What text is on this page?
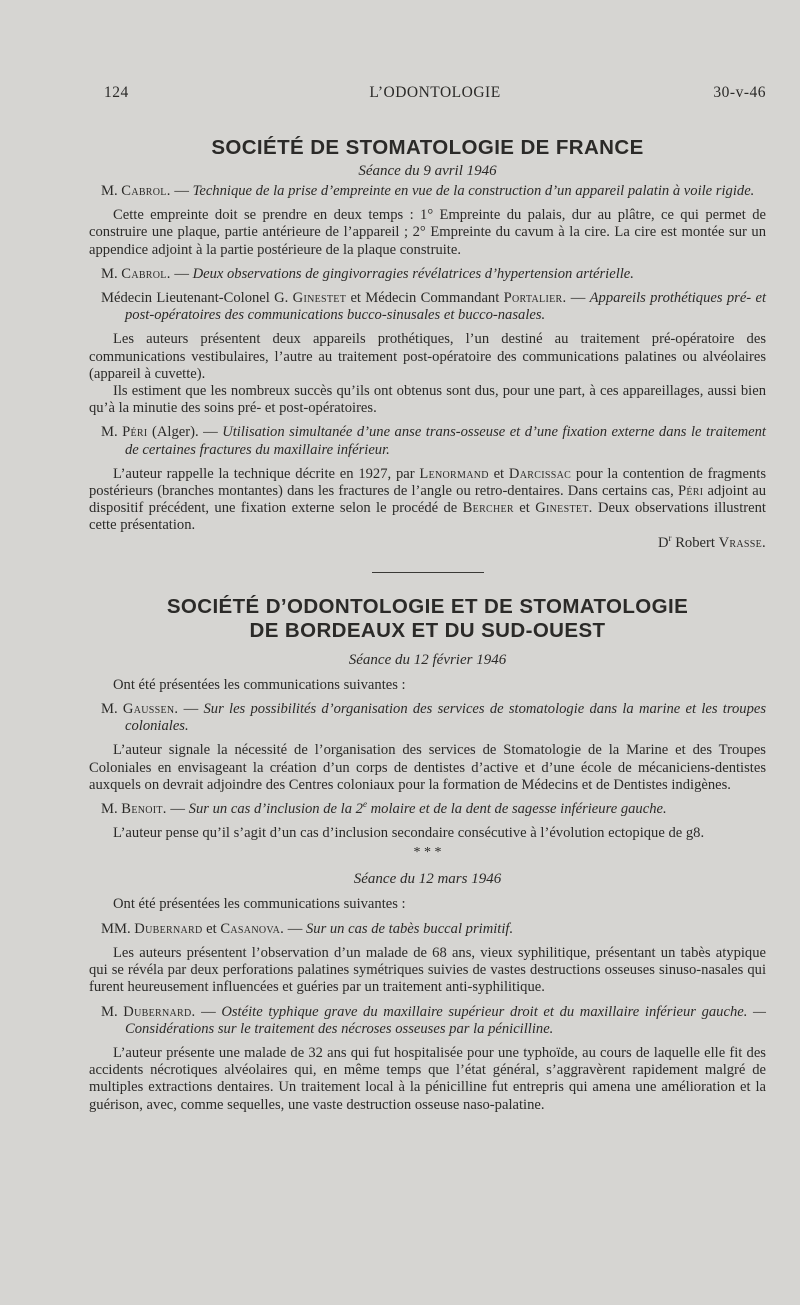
124	L’ODONTOLOGIE	30-v-46
SOCIÉTÉ DE STOMATOLOGIE DE FRANCE
Séance du 9 avril 1946

M. Cabrol. — Technique de la prise d’empreinte en vue de la construction d’un appareil palatin à voile rigide.

Cette empreinte doit se prendre en deux temps : 1° Empreinte du palais, dur au plâtre, ce qui permet de construire une plaque, partie antérieure de l’appareil ; 2° Empreinte du cavum à la cire. La cire est montée sur un appendice adjoint à la partie postérieure de la plaque construite.

M. Cabrol. — Deux observations de gingivorragies révélatrices d’hypertension artérielle.

Médecin Lieutenant-Colonel G. Ginestet et Médecin Commandant Portalier. — Appareils prothétiques pré- et post-opératoires des communications bucco-sinusales et bucco-nasales.

Les auteurs présentent deux appareils prothétiques, l’un destiné au traitement pré-opératoire des communications vestibulaires, l’autre au traitement post-opératoire des communications palatines ou alvéolaires (appareil à cuvette).

Ils estiment que les nombreux succès qu’ils ont obtenus sont dus, pour une part, à ces appareillages, aussi bien qu’à la minutie des soins pré- et post-opératoires.

M. Péri (Alger). — Utilisation simultanée d’une anse trans-osseuse et d’une fixation externe dans le traitement de certaines fractures du maxillaire inférieur.

L’auteur rappelle la technique décrite en 1927, par Lenormand et Darcissac pour la contention de fragments postérieurs (branches montantes) dans les fractures de l’angle ou retro-dentaires. Dans certains cas, Péri adjoint au dispositif précédent, une fixation externe selon le procédé de Bercher et Ginestet. Deux observations illustrent cette présentation.

$D^r$ Robert Vrasse.

SOCIÉTÉ D’ODONTOLOGIE ET DE STOMATOLOGIE
DE BORDEAUX ET DU SUD-OUEST
Séance du 12 février 1946

Ont été présentées les communications suivantes :

M. Gaussen. — Sur les possibilités d’organisation des services de stomatologie dans la marine et les troupes coloniales.

L’auteur signale la nécessité de l’organisation des services de Stomatologie de la Marine et des Troupes Coloniales en envisageant la création d’un corps de dentistes d’active et d’une école de mécaniciens-dentistes auxquels on devrait adjoindre des Centres coloniaux pour la formation de Médecins et de Dentistes indigènes.

M. Benoit. — Sur un cas d’inclusion de la 2e molaire et de la dent de sagesse inférieure gauche.

L’auteur pense qu’il s’agit d’un cas d’inclusion secondaire consécutive à l’évolution ectopique de g8.

* * *
Séance du 12 mars 1946

Ont été présentées les communications suivantes :

MM. Dubernard et Casanova. — Sur un cas de tabès buccal primitif.

Les auteurs présentent l’observation d’un malade de 68 ans, vieux syphilitique, présentant un tabès atypique qui se révéla par deux perforations palatines symétriques suivies de vastes destructions osseuses sinuso-nasales qui furent heureusement influencées et guéries par un traitement anti-syphilitique.

M. Dubernard. — Ostéite typhique grave du maxillaire supérieur droit et du maxillaire inférieur gauche. — Considérations sur le traitement des nécroses osseuses par la pénicilline.

L’auteur présente une malade de 32 ans qui fut hospitalisée pour une typhoïde, au cours de laquelle elle fit des accidents nécrotiques alvéolaires qui, en même temps que l’état général, s’aggravèrent rapidement malgré de multiples extractions dentaires. Un traitement local à la pénicilline fut entrepris qui amena une amélioration et la guérison, avec, comme sequelles, une vaste destruction osseuse naso-palatine.
